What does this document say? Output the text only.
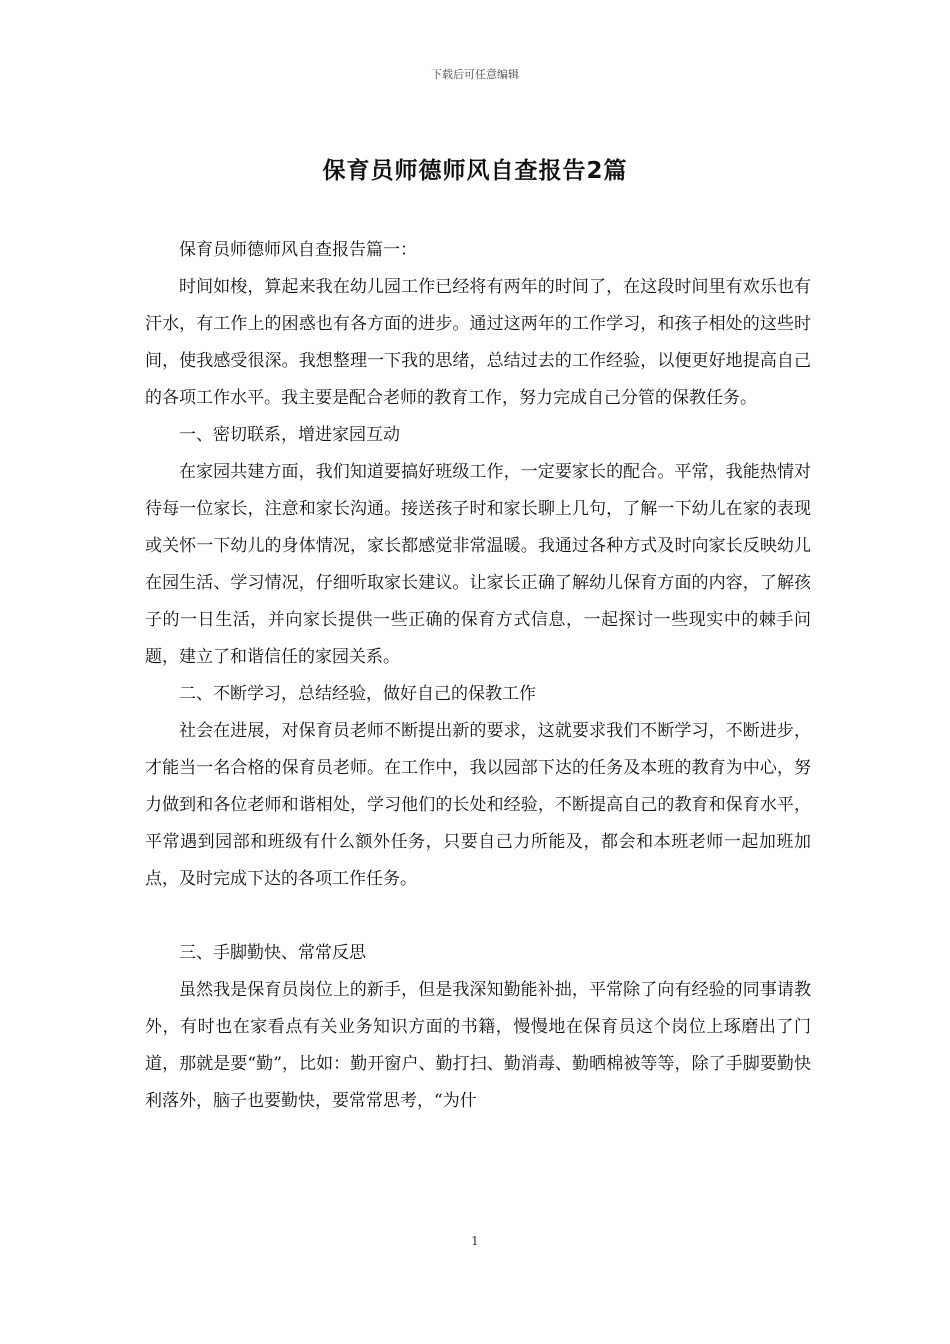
下载后可任意编辑
保育员师德师风自查报告2篇

保育员师德师风自查报告篇一：

时间如梭，算起来我在幼儿园工作已经将有两年的时间了，在这段时间里有欢乐也有汗水，有工作上的困惑也有各方面的进步。通过这两年的工作学习，和孩子相处的这些时间，使我感受很深。我想整理一下我的思绪，总结过去的工作经验，以便更好地提高自己的各项工作水平。我主要是配合老师的教育工作，努力完成自己分管的保教任务。

一、密切联系，增进家园互动

在家园共建方面，我们知道要搞好班级工作，一定要家长的配合。平常，我能热情对待每一位家长，注意和家长沟通。接送孩子时和家长聊上几句，了解一下幼儿在家的表现或关怀一下幼儿的身体情况，家长都感觉非常温暖。我通过各种方式及时向家长反映幼儿在园生活、学习情况，仔细听取家长建议。让家长正确了解幼儿保育方面的内容，了解孩子的一日生活，并向家长提供一些正确的保育方式信息，一起探讨一些现实中的棘手问题，建立了和谐信任的家园关系。

二、不断学习，总结经验，做好自己的保教工作

社会在进展，对保育员老师不断提出新的要求，这就要求我们不断学习，不断进步，才能当一名合格的保育员老师。在工作中，我以园部下达的任务及本班的教育为中心，努力做到和各位老师和谐相处，学习他们的长处和经验，不断提高自己的教育和保育水平，平常遇到园部和班级有什么额外任务，只要自己力所能及，都会和本班老师一起加班加点，及时完成下达的各项工作任务。

三、手脚勤快、常常反思

虽然我是保育员岗位上的新手，但是我深知勤能补拙，平常除了向有经验的同事请教外，有时也在家看点有关业务知识方面的书籍，慢慢地在保育员这个岗位上琢磨出了门道，那就是要“勤”，比如：勤开窗户、勤打扫、勤消毒、勤晒棉被等等，除了手脚要勤快利落外，脑子也要勤快，要常常思考，“为什

1
